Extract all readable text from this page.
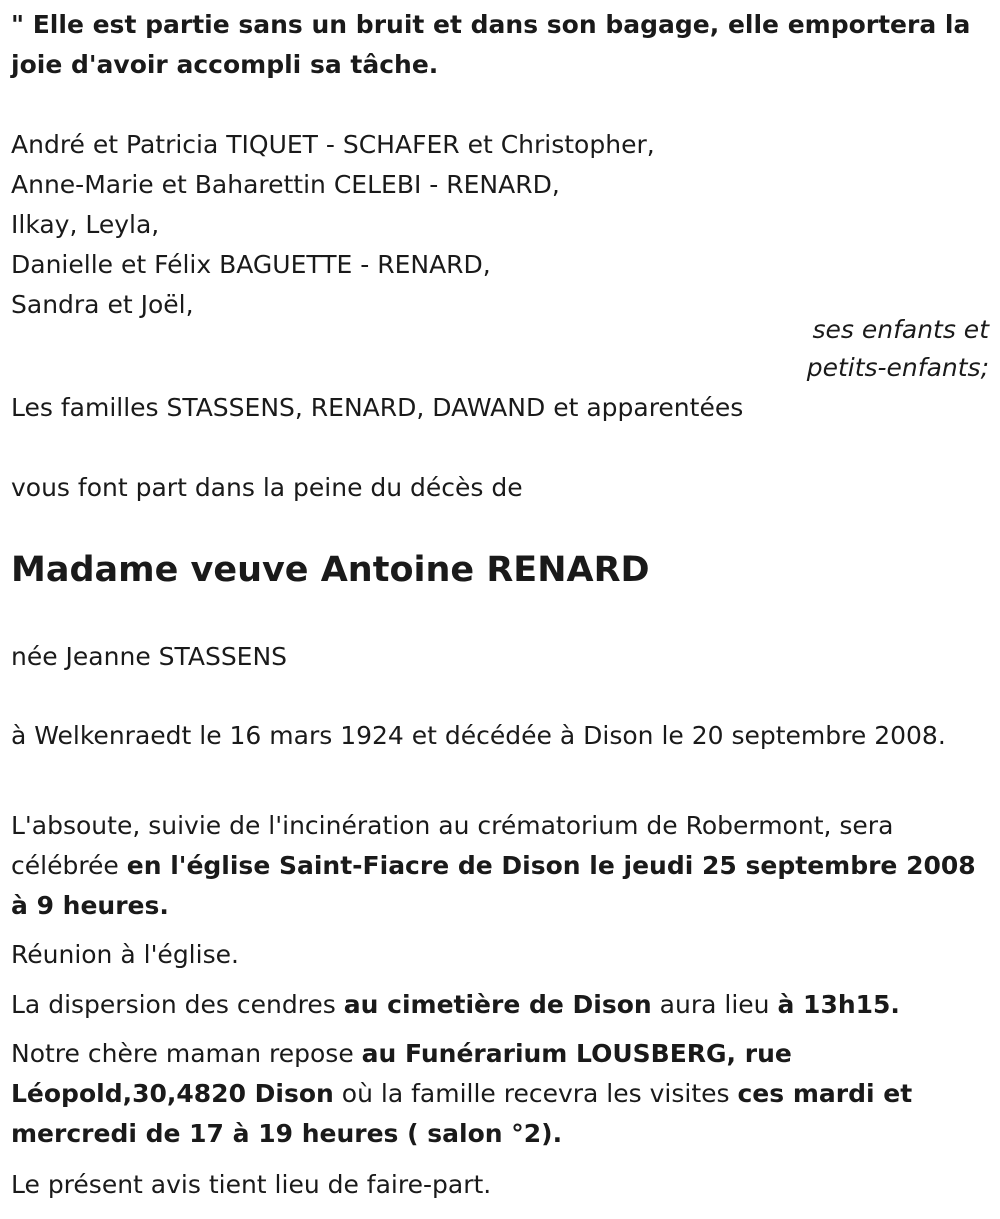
" Elle est partie sans un bruit et dans son bagage, elle emportera la joie d'avoir accompli sa tâche.
André et Patricia TIQUET - SCHAFER et Christopher,
Anne-Marie et Baharettin CELEBI - RENARD,
Ilkay, Leyla,
Danielle et Félix BAGUETTE - RENARD,
Sandra et Joël,
ses enfants et
petits-enfants;
Les familles STASSENS, RENARD, DAWAND et apparentées
vous font part dans la peine du décès de
Madame veuve Antoine RENARD
née Jeanne STASSENS
à Welkenraedt le 16 mars 1924 et décédée à Dison le 20 septembre 2008.
L'absoute, suivie de l'incinération au crématorium de Robermont, sera célébrée en l'église Saint-Fiacre de Dison le jeudi 25 septembre 2008 à 9 heures.
Réunion à l'église.
La dispersion des cendres au cimetière de Dison aura lieu à 13h15.
Notre chère maman repose au Funérarium LOUSBERG, rue Léopold,30,4820 Dison où la famille recevra les visites ces mardi et mercredi de 17 à 19 heures ( salon °2).
Le présent avis tient lieu de faire-part.
